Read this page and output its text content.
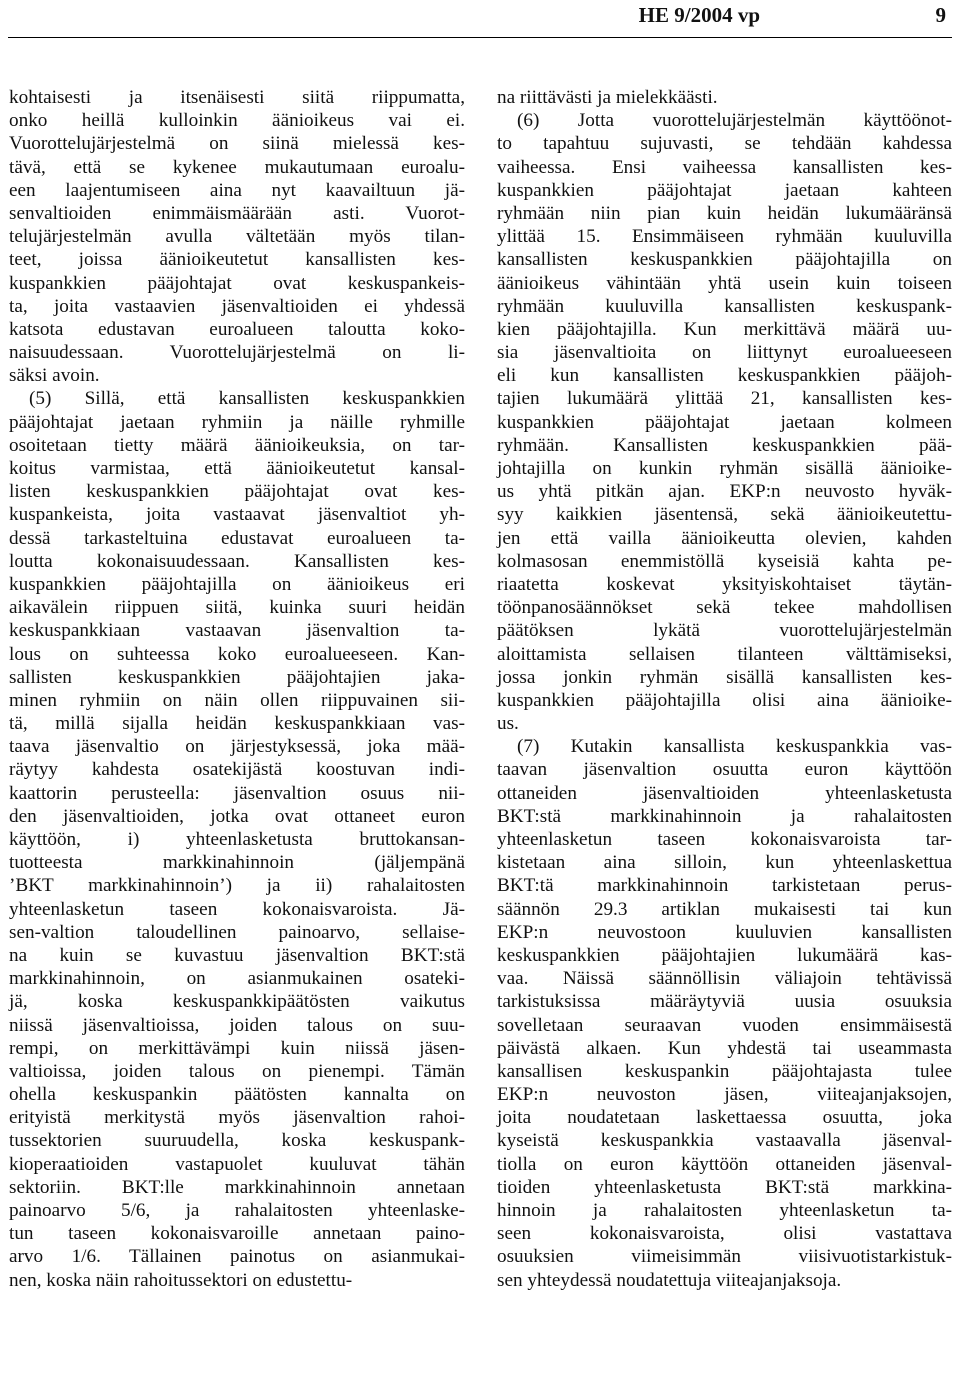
HE 9/2004 vp	9
kohtaisesti ja itsenäisesti siitä riippumatta,
onko heillä kulloinkin äänioikeus vai ei.
Vuorottelujärjestelmä on siinä mielessä kes-
tävä, että se kykenee mukautumaan euroalu-
een laajentumiseen aina nyt kaavailtuun jä-
senvaltioiden enimmäismäärään asti. Vuorot-
telujärjestelmän avulla vältetään myös tilan-
teet, joissa äänioikeutetut kansallisten kes-
kuspankkien pääjohtajat ovat keskuspankeis-
ta, joita vastaavien jäsenvaltioiden ei yhdessä
katsota edustavan euroalueen taloutta koko-
naisuudessaan. Vuorottelujärjestelmä on li-
säksi avoin.
(5) Sillä, että kansallisten keskuspankkien
pääjohtajat jaetaan ryhmiin ja näille ryhmille
osoitetaan tietty määrä äänioikeuksia, on tar-
koitus varmistaa, että äänioikeutetut kansal-
listen keskuspankkien pääjohtajat ovat kes-
kuspankeista, joita vastaavat jäsenvaltiot yh-
dessä tarkasteltuina edustavat euroalueen ta-
loutta kokonaisuudessaan. Kansallisten kes-
kuspankkien pääjohtajilla on äänioikeus eri
aikavälein riippuen siitä, kuinka suuri heidän
keskuspankkiaan vastaavan jäsenvaltion ta-
lous on suhteessa koko euroalueeseen. Kan-
sallisten keskuspankkien pääjohtajien jaka-
minen ryhmiin on näin ollen riippuvainen sii-
tä, millä sijalla heidän keskuspankkiaan vas-
taava jäsenvaltio on järjestyksessä, joka mää-
räytyy kahdesta osatekijästä koostuvan indi-
kaattorin perusteella: jäsenvaltion osuus nii-
den jäsenvaltioiden, jotka ovat ottaneet euron
käyttöön, i) yhteenlasketusta bruttokansan-
tuotteesta markkinahinnoin (jäljempänä
’BKT markkinahinnoin’) ja ii) rahalaitosten
yhteenlasketun taseen kokonaisvaroista. Jä-
sen-valtion taloudellinen painoarvo, sellaise-
na kuin se kuvastuu jäsenvaltion BKT:stä
markkinahinnoin, on asianmukainen osateki-
jä, koska keskuspankkipäätösten vaikutus
niissä jäsenvaltioissa, joiden talous on suu-
rempi, on merkittävämpi kuin niissä jäsen-
valtioissa, joiden talous on pienempi. Tämän
ohella keskuspankin päätösten kannalta on
erityistä merkitystä myös jäsenvaltion rahoi-
tussektorien suuruudella, koska keskuspank-
kioperaatioiden vastapuolet kuuluvat tähän
sektoriin. BKT:lle markkinahinnoin annetaan
painoarvo 5/6, ja rahalaitosten yhteenlaske-
tun taseen kokonaisvaroille annetaan paino-
arvo 1/6. Tällainen painotus on asianmukai-
nen, koska näin rahoitussektori on edustettu-
na riittävästi ja mielekkäästi.
(6) Jotta vuorottelujärjestelmän käyttöönot-
to tapahtuu sujuvasti, se tehdään kahdessa
vaiheessa. Ensi vaiheessa kansallisten kes-
kuspankkien pääjohtajat jaetaan kahteen
ryhmään niin pian kuin heidän lukumääränsä
ylittää 15. Ensimmäiseen ryhmään kuuluvilla
kansallisten keskuspankkien pääjohtajilla on
äänioikeus vähintään yhtä usein kuin toiseen
ryhmään kuuluvilla kansallisten keskuspank-
kien pääjohtajilla. Kun merkittävä määrä uu-
sia jäsenvaltioita on liittynyt euroalueeseen
eli kun kansallisten keskuspankkien pääjoh-
tajien lukumäärä ylittää 21, kansallisten kes-
kuspankkien pääjohtajat jaetaan kolmeen
ryhmään. Kansallisten keskuspankkien pää-
johtajilla on kunkin ryhmän sisällä äänioike-
us yhtä pitkän ajan. EKP:n neuvosto hyväk-
syy kaikkien jäsentensä, sekä äänioikeutettu-
jen että vailla äänioikeutta olevien, kahden
kolmasosan enemmistöllä kyseisiä kahta pe-
riaatetta koskevat yksityiskohtaiset täytän-
töönpanosäännökset sekä tekee mahdollisen
päätöksen lykätä vuorottelujärjestelmän
aloittamista sellaisen tilanteen välttämiseksi,
jossa jonkin ryhmän sisällä kansallisten kes-
kuspankkien pääjohtajilla olisi aina äänioike-
us.
(7) Kutakin kansallista keskuspankkia vas-
taavan jäsenvaltion osuutta euron käyttöön
ottaneiden jäsenvaltioiden yhteenlasketusta
BKT:stä markkinahinnoin ja rahalaitosten
yhteenlasketun taseen kokonaisvaroista tar-
kistetaan aina silloin, kun yhteenlaskettua
BKT:tä markkinahinnoin tarkistetaan perus-
säännön 29.3 artiklan mukaisesti tai kun
EKP:n neuvostoon kuuluvien kansallisten
keskuspankkien pääjohtajien lukumäärä kas-
vaa. Näissä säännöllisin väliajoin tehtävissä
tarkistuksissa määräytyviä uusia osuuksia
sovelletaan seuraavan vuoden ensimmäisestä
päivästä alkaen. Kun yhdestä tai useammasta
kansallisen keskuspankin pääjohtajasta tulee
EKP:n neuvoston jäsen, viiteajanjaksojen,
joita noudatetaan laskettaessa osuutta, joka
kyseistä keskuspankkia vastaavalla jäsenval-
tiolla on euron käyttöön ottaneiden jäsenval-
tioiden yhteenlasketusta BKT:stä markkina-
hinnoin ja rahalaitosten yhteenlasketun ta-
seen kokonaisvaroista, olisi vastattava
osuuksien viimeisimmän viisivuotistarkistuk-
sen yhteydessä noudatettuja viiteajanjaksoja.
